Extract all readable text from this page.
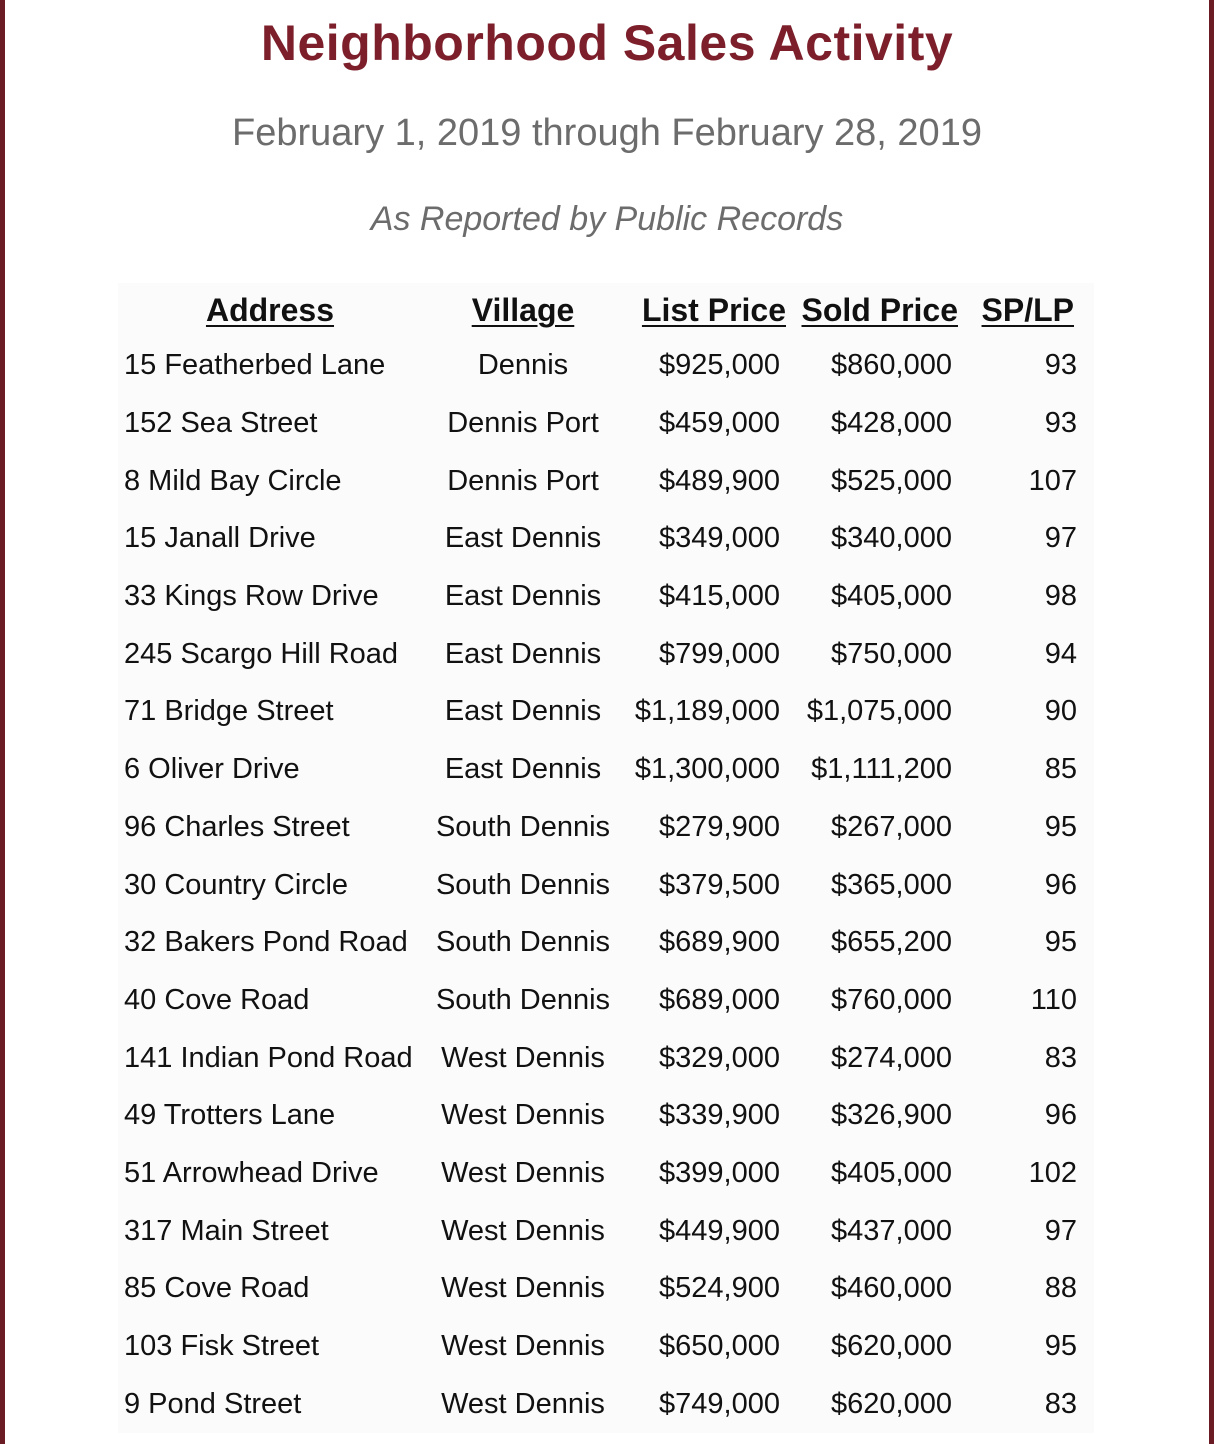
Neighborhood Sales Activity
February 1, 2019 through February 28, 2019
As Reported by Public Records
Address	Village	List Price	Sold Price	SP/LP
15 Featherbed Lane	Dennis	$925,000	$860,000	93
152 Sea Street	Dennis Port	$459,000	$428,000	93
8 Mild Bay Circle	Dennis Port	$489,900	$525,000	107
15 Janall Drive	East Dennis	$349,000	$340,000	97
33 Kings Row Drive	East Dennis	$415,000	$405,000	98
245 Scargo Hill Road	East Dennis	$799,000	$750,000	94
71 Bridge Street	East Dennis	$1,189,000	$1,075,000	90
6 Oliver Drive	East Dennis	$1,300,000	$1,111,200	85
96 Charles Street	South Dennis	$279,900	$267,000	95
30 Country Circle	South Dennis	$379,500	$365,000	96
32 Bakers Pond Road	South Dennis	$689,900	$655,200	95
40 Cove Road	South Dennis	$689,000	$760,000	110
141 Indian Pond Road	West Dennis	$329,000	$274,000	83
49 Trotters Lane	West Dennis	$339,900	$326,900	96
51 Arrowhead Drive	West Dennis	$399,000	$405,000	102
317 Main Street	West Dennis	$449,900	$437,000	97
85 Cove Road	West Dennis	$524,900	$460,000	88
103 Fisk Street	West Dennis	$650,000	$620,000	95
9 Pond Street	West Dennis	$749,000	$620,000	83
